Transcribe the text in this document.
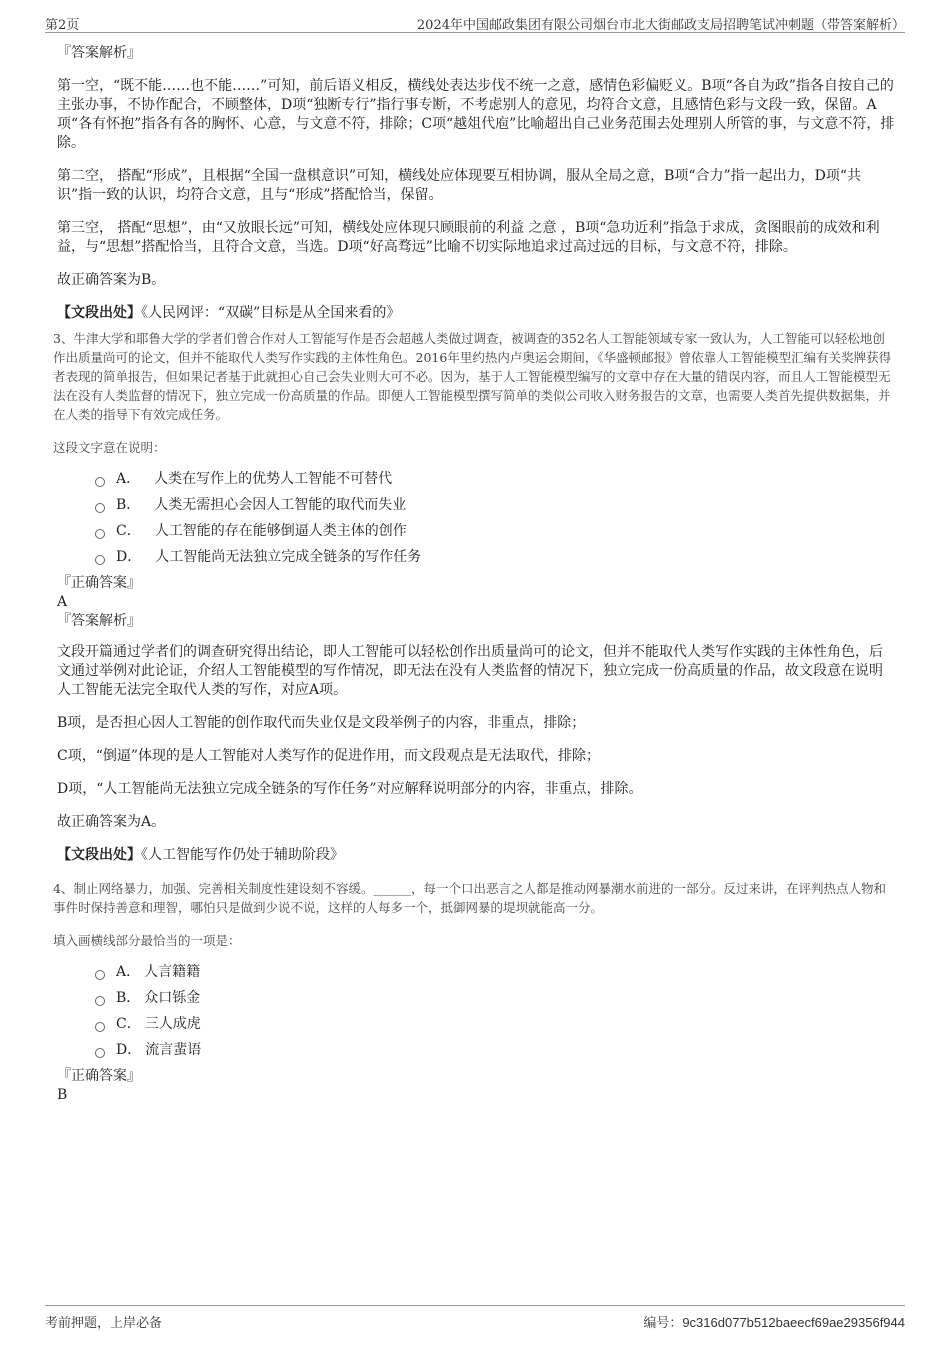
第2页	2024年中国邮政集团有限公司烟台市北大街邮政支局招聘笔试冲刺题（带答案解析）
『答案解析』

第一空，“既不能……也不能……”可知，前后语义相反，横线处表达步伐不统一之意，感情色彩偏贬义。B项“各自为政”指各自按自己的主张办事，不协作配合，不顾整体，D项“独断专行”指行事专断，不考虑别人的意见，均符合文意，且感情色彩与文段一致，保留。A项“各有怀抱”指各有各的胸怀、心意，与文意不符，排除；C项“越俎代庖”比喻超出自己业务范围去处理别人所管的事，与文意不符，排除。

第二空， 搭配“形成”，且根据“全国一盘棋意识”可知，横线处应体现要互相协调，服从全局之意，B项“合力”指一起出力，D项“共识”指一致的认识，均符合文意，且与“形成”搭配恰当，保留。

第三空， 搭配“思想”，由“又放眼长远”可知，横线处应体现只顾眼前的利益 之意 ，B项“急功近利”指急于求成，贪图眼前的成效和利益，与“思想”搭配恰当，且符合文意，当选。D项“好高骛远”比喻不切实际地追求过高过远的目标，与文意不符，排除。

故正确答案为B。

【文段出处】《人民网评：“双碳”目标是从全国来看的》

3、牛津大学和耶鲁大学的学者们曾合作对人工智能写作是否会超越人类做过调查，被调查的352名人工智能领域专家一致认为，人工智能可以轻松地创作出质量尚可的论文，但并不能取代人类写作实践的主体性角色。2016年里约热内卢奥运会期间，《华盛顿邮报》曾依靠人工智能模型汇编有关奖牌获得者表现的简单报告，但如果记者基于此就担心自己会失业则大可不必。因为，基于人工智能模型编写的文章中存在大量的错误内容，而且人工智能模型无法在没有人类监督的情况下，独立完成一份高质量的作品。即便人工智能模型撰写简单的类似公司收入财务报告的文章，也需要人类首先提供数据集，并在人类的指导下有效完成任务。

这段文字意在说明：
A． 人类在写作上的优势人工智能不可替代
B． 人类无需担心会因人工智能的取代而失业
C． 人工智能的存在能够倒逼人类主体的创作
D． 人工智能尚无法独立完成全链条的写作任务
『正确答案』
A
『答案解析』

文段开篇通过学者们的调查研究得出结论，即人工智能可以轻松创作出质量尚可的论文，但并不能取代人类写作实践的主体性角色，后文通过举例对此论证，介绍人工智能模型的写作情况，即无法在没有人类监督的情况下，独立完成一份高质量的作品，故文段意在说明人工智能无法完全取代人类的写作，对应A项。

B项，是否担心因人工智能的创作取代而失业仅是文段举例子的内容，非重点，排除；

C项，“倒逼”体现的是人工智能对人类写作的促进作用，而文段观点是无法取代，排除；

D项，“人工智能尚无法独立完成全链条的写作任务”对应解释说明部分的内容，非重点，排除。

故正确答案为A。

【文段出处】《人工智能写作仍处于辅助阶段》

4、制止网络暴力，加强、完善相关制度性建设刻不容缓。______，每一个口出恶言之人都是推动网暴潮水前进的一部分。反过来讲，在评判热点人物和事件时保持善意和理智，哪怕只是做到少说不说，这样的人每多一个，抵御网暴的堤坝就能高一分。

填入画横线部分最恰当的一项是：
A． 人言籍籍
B． 众口铄金
C． 三人成虎
D． 流言蜚语
『正确答案』
B
考前押题，上岸必备	编号：9c316d077b512baeecf69ae29356f944
